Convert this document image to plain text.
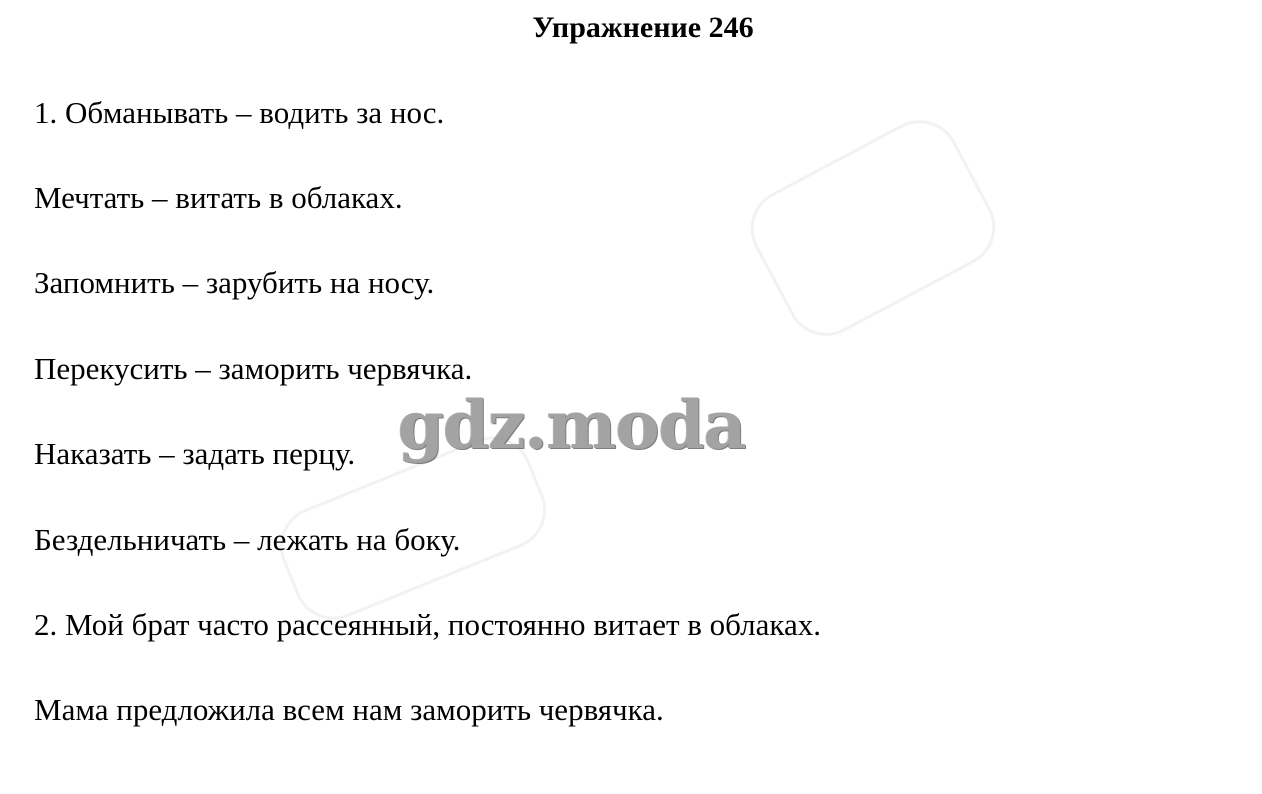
Упражнение 246
1. Обманывать – водить за нос.
Мечтать – витать в облаках.
Запомнить – зарубить на носу.
Перекусить – заморить червячка.
Наказать – задать перцу.
Бездельничать – лежать на боку.
2. Мой брат часто рассеянный, постоянно витает в облаках.
Мама предложила всем нам заморить червячка.
gdz.moda
